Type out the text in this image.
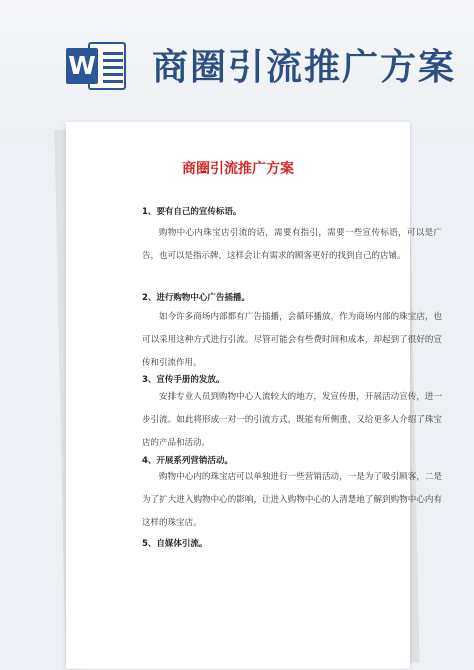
W 商圈引流推广方案
商圈引流推广方案
1、要有自己的宣传标语。
购物中心内珠宝店引流的话，需要有指引，需要一些宣传标语，可以是广告，也可以是指示牌，这样会让有需求的顾客更好的找到自己的店铺。
2、进行购物中心广告插播。
如今许多商场内部都有广告插播，会循环播放，作为商场内部的珠宝店，也可以采用这种方式进行引流。尽管可能会有些费时间和成本，却起到了很好的宣传和引流作用。
3、宣传手册的发放。
安排专业人员到购物中心人流较大的地方，发宣传册，开展活动宣传，进一步引流。如此将形成一对一的引流方式，既能有所侧重，又给更多人介绍了珠宝店的产品和活动。
4、开展系列营销活动。
购物中心内的珠宝店可以单独进行一些营销活动，一是为了吸引顾客，二是为了扩大进入购物中心的影响，让进入购物中心的人清楚地了解到购物中心内有这样的珠宝店。
5、自媒体引流。
